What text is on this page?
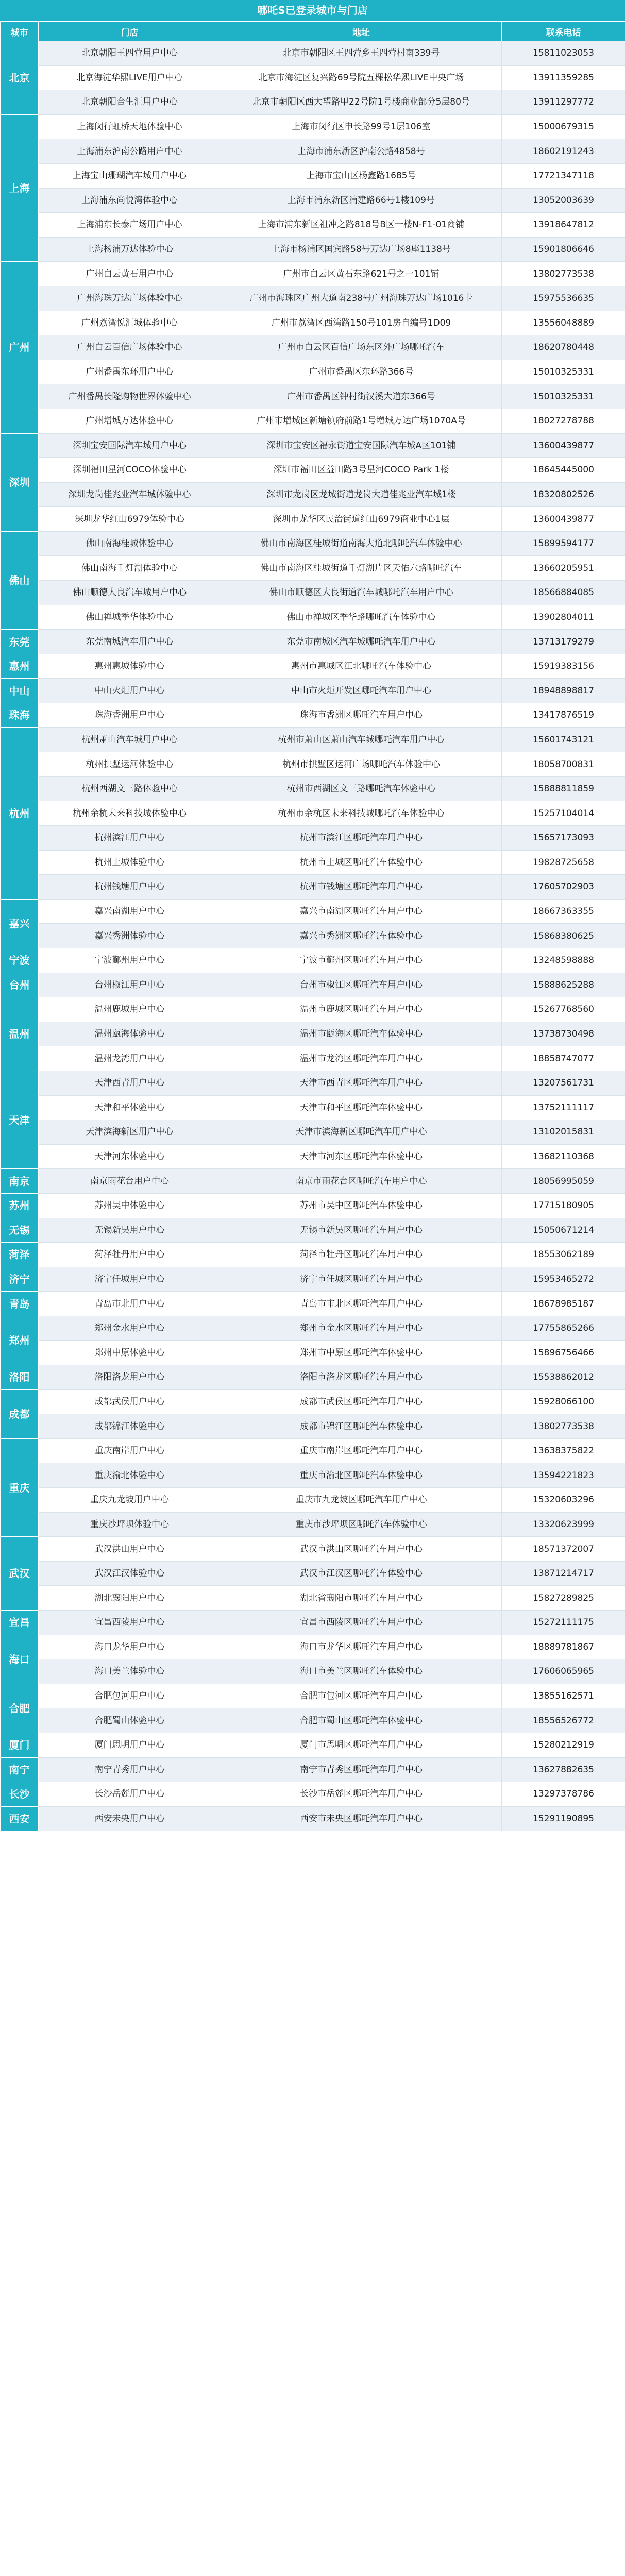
哪吒S已登录城市与门店
城市	门店	地址	联系电话
北京	北京朝阳王四营用户中心	北京市朝阳区王四营乡王四营村南339号	15811023053
	北京海淀华熙LIVE用户中心	北京市海淀区复兴路69号院五棵松华熙LIVE中央广场	13911359285
	北京朝阳合生汇用户中心	北京市朝阳区西大望路甲22号院1号楼商业部分5层80号	13911297772
上海	上海闵行虹桥天地体验中心	上海市闵行区申长路99号1层106室	15000679315
	上海浦东沪南公路用户中心	上海市浦东新区沪南公路4858号	18602191243
	上海宝山珊瑚汽车城用户中心	上海市宝山区杨鑫路1685号	17721347118
	上海浦东尚悦湾体验中心	上海市浦东新区浦建路66号1楼109号	13052003639
	上海浦东长泰广场用户中心	上海市浦东新区祖冲之路818号B区一楼N-F1-01商铺	13918647812
	上海杨浦万达体验中心	上海市杨浦区国宾路58号万达广场8座1138号	15901806646
广州	广州白云黄石用户中心	广州市白云区黄石东路621号之一101铺	13802773538
	广州海珠万达广场体验中心	广州市海珠区广州大道南238号广州海珠万达广场1016卡	15975536635
	广州荔湾悦汇城体验中心	广州市荔湾区西湾路150号101房自编号1D09	13556048889
	广州白云百信广场体验中心	广州市白云区百信广场东区外广场哪吒汽车	18620780448
	广州番禺东环用户中心	广州市番禺区东环路366号	15010325331
	广州番禺长隆购物世界体验中心	广州市番禺区钟村街汉溪大道东366号	15010325331
	广州增城万达体验中心	广州市增城区新塘镇府前路1号增城万达广场1070A号	18027278788
深圳	深圳宝安国际汽车城用户中心	深圳市宝安区福永街道宝安国际汽车城A区101铺	13600439877
	深圳福田星河COCO体验中心	深圳市福田区益田路3号星河COCO Park 1楼	18645445000
	深圳龙岗佳兆业汽车城体验中心	深圳市龙岗区龙城街道龙岗大道佳兆业汽车城1楼	18320802526
	深圳龙华红山6979体验中心	深圳市龙华区民治街道红山6979商业中心1层	13600439877
佛山	佛山南海桂城体验中心	佛山市南海区桂城街道南海大道北哪吒汽车体验中心	15899594177
	佛山南海千灯湖体验中心	佛山市南海区桂城街道千灯湖片区天佑六路哪吒汽车	13660205951
	佛山顺德大良汽车城用户中心	佛山市顺德区大良街道汽车城哪吒汽车用户中心	18566884085
	佛山禅城季华体验中心	佛山市禅城区季华路哪吒汽车体验中心	13902804011
东莞	东莞南城汽车用户中心	东莞市南城区汽车城哪吒汽车用户中心	13713179279
惠州	惠州惠城体验中心	惠州市惠城区江北哪吒汽车体验中心	15919383156
中山	中山火炬用户中心	中山市火炬开发区哪吒汽车用户中心	18948898817
珠海	珠海香洲用户中心	珠海市香洲区哪吒汽车用户中心	13417876519
杭州	杭州萧山汽车城用户中心	杭州市萧山区萧山汽车城哪吒汽车用户中心	15601743121
	杭州拱墅运河体验中心	杭州市拱墅区运河广场哪吒汽车体验中心	18058700831
	杭州西湖文三路体验中心	杭州市西湖区文三路哪吒汽车体验中心	15888811859
	杭州余杭未来科技城体验中心	杭州市余杭区未来科技城哪吒汽车体验中心	15257104014
	杭州滨江用户中心	杭州市滨江区哪吒汽车用户中心	15657173093
	杭州上城体验中心	杭州市上城区哪吒汽车体验中心	19828725658
	杭州钱塘用户中心	杭州市钱塘区哪吒汽车用户中心	17605702903
嘉兴	嘉兴南湖用户中心	嘉兴市南湖区哪吒汽车用户中心	18667363355
	嘉兴秀洲体验中心	嘉兴市秀洲区哪吒汽车体验中心	15868380625
宁波	宁波鄞州用户中心	宁波市鄞州区哪吒汽车用户中心	13248598888
台州	台州椒江用户中心	台州市椒江区哪吒汽车用户中心	15888625288
温州	温州鹿城用户中心	温州市鹿城区哪吒汽车用户中心	15267768560
	温州瓯海体验中心	温州市瓯海区哪吒汽车体验中心	13738730498
	温州龙湾用户中心	温州市龙湾区哪吒汽车用户中心	18858747077
天津	天津西青用户中心	天津市西青区哪吒汽车用户中心	13207561731
	天津和平体验中心	天津市和平区哪吒汽车体验中心	13752111117
	天津滨海新区用户中心	天津市滨海新区哪吒汽车用户中心	13102015831
	天津河东体验中心	天津市河东区哪吒汽车体验中心	13682110368
南京	南京雨花台用户中心	南京市雨花台区哪吒汽车用户中心	18056995059
苏州	苏州吴中体验中心	苏州市吴中区哪吒汽车体验中心	17715180905
无锡	无锡新吴用户中心	无锡市新吴区哪吒汽车用户中心	15050671214
菏泽	菏泽牡丹用户中心	菏泽市牡丹区哪吒汽车用户中心	18553062189
济宁	济宁任城用户中心	济宁市任城区哪吒汽车用户中心	15953465272
青岛	青岛市北用户中心	青岛市市北区哪吒汽车用户中心	18678985187
郑州	郑州金水用户中心	郑州市金水区哪吒汽车用户中心	17755865266
	郑州中原体验中心	郑州市中原区哪吒汽车体验中心	15896756466
洛阳	洛阳洛龙用户中心	洛阳市洛龙区哪吒汽车用户中心	15538862012
成都	成都武侯用户中心	成都市武侯区哪吒汽车用户中心	15928066100
	成都锦江体验中心	成都市锦江区哪吒汽车体验中心	13802773538
重庆	重庆南岸用户中心	重庆市南岸区哪吒汽车用户中心	13638375822
	重庆渝北体验中心	重庆市渝北区哪吒汽车体验中心	13594221823
	重庆九龙坡用户中心	重庆市九龙坡区哪吒汽车用户中心	15320603296
	重庆沙坪坝体验中心	重庆市沙坪坝区哪吒汽车体验中心	13320623999
武汉	武汉洪山用户中心	武汉市洪山区哪吒汽车用户中心	18571372007
	武汉江汉体验中心	武汉市江汉区哪吒汽车体验中心	13871214717
	湖北襄阳用户中心	湖北省襄阳市哪吒汽车用户中心	15827289825
宜昌	宜昌西陵用户中心	宜昌市西陵区哪吒汽车用户中心	15272111175
海口	海口龙华用户中心	海口市龙华区哪吒汽车用户中心	18889781867
	海口美兰体验中心	海口市美兰区哪吒汽车体验中心	17606065965
合肥	合肥包河用户中心	合肥市包河区哪吒汽车用户中心	13855162571
	合肥蜀山体验中心	合肥市蜀山区哪吒汽车体验中心	18556526772
厦门	厦门思明用户中心	厦门市思明区哪吒汽车用户中心	15280212919
南宁	南宁青秀用户中心	南宁市青秀区哪吒汽车用户中心	13627882635
长沙	长沙岳麓用户中心	长沙市岳麓区哪吒汽车用户中心	13297378786
西安	西安未央用户中心	西安市未央区哪吒汽车用户中心	15291190895
